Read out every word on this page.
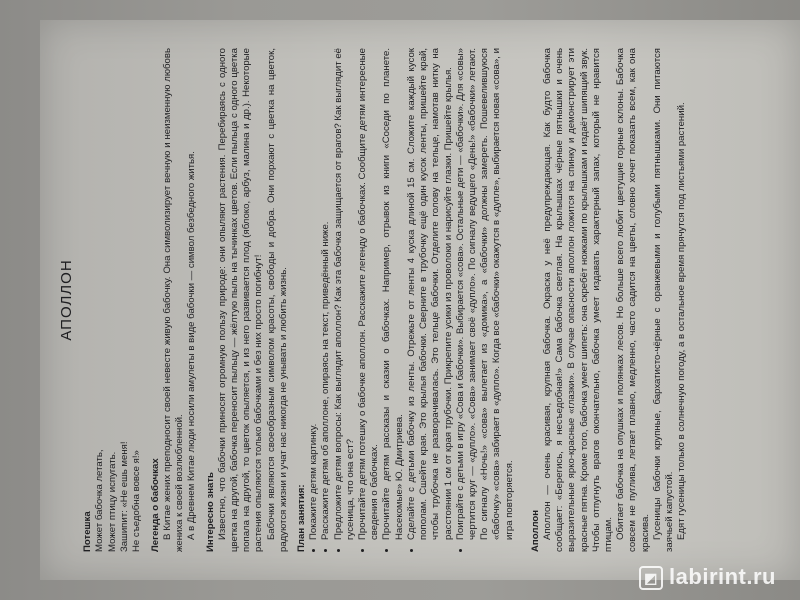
АПОЛЛОН
Потешка Может бабочка летать, Может птицу испугать. Зашипит: «Не ешь меня! Не съедобна вовсе я!» Легенда о бабочках В Китае жених преподносит своей невесте живую бабочку. Она символизирует вечную и неизменную любовь жениха к своей возлюбленной. А в Древнем Китае люди носили амулеты в виде бабочки — символ безбедного житья. Интересно знать Известно, что бабочки приносят огромную пользу природе: они опыляют растения. Перебираясь с одного цветка на другой, бабочка переносит пыльцу — жёлтую пыль на тычинках цветов. Если пыльца с одного цветка попала на другой, то цветок опыляется, и из него развивается плод (яблоко, арбуз, малина и др.). Некоторые растения опыляются только бабочками и без них просто погибнут! Бабочки являются своеобразным символом красоты, свободы и добра. Они порхают с цветка на цветок, радуются жизни и учат нас никогда не унывать и любить жизнь. План занятия: • Покажите детям картинку. • Расскажите детям об аполлоне, опираясь на текст, приведённый ниже. • Предложите детям вопросы: Как выглядит аполлон? Как эта бабочка защищается от врагов? Как выглядит её гусеница, что она ест? • Прочитайте детям потешку о бабочке аполлон. Расскажите легенду о бабочках. Сообщите детям интересные сведения о бабочках. • Прочитайте детям рассказы и сказки о бабочках. Например, отрывок из книги «Соседи по планете. Насекомые» Ю. Дмитриева. • Сделайте с детьми бабочку из ленты. Отрежьте от ленты 4 куска длиной 15 см. Сложите каждый кусок пополам. Сшейте края. Это крылья бабочки. Сверните в трубочку ещё один кусок ленты, пришейте край, чтобы трубочка не разворачивалась. Это тельце бабочки. Отделите голову на тельце, намотав нитку на расстоянии 1 см от края трубочки. Прикрепите усики из проволоки и нарисуйте глазки. Пришейте крылья. • Поиграйте с детьми в игру «Сова и бабочки». Выбирается «сова». Остальные дети — «бабочки». Для «совы» чертится круг — «дупло». «Сова» занимает своё «дупло». По сигналу ведущего «День!» «бабочки» летают. По сигналу «Ночь!» «сова» вылетает из «домика», а «бабочки» должны замереть. Пошевелившуюся «бабочку» «сова» забирает в «дупло». Когда все «бабочки» окажутся в «дупле», выбирается новая «сова», и игра повторяется. Аполлон Аполлон — очень красивая, крупная бабочка. Окраска у неё предупреждающая. Как будто бабочка сообщает: «Берегись, я несъедобная!» Сама бабочка светлая. На крылышках чёрные пятнышки и очень выразительные ярко-красные «глазки». В случае опасности аполлон ложится на спинку и демонстрирует эти красные пятна. Кроме того, бабочка умеет шипеть: она скребёт ножками по крылышкам и издаёт шипящий звук. Чтобы отпугнуть врагов окончательно, бабочка умеет издавать характерный запах, который не нравится птицам. Обитает бабочка на опушках и полянках лесов. Но больше всего любит цветущие горные склоны. Бабочка совсем не пуглива, летает плавно, медленно, часто садится на цветы, словно хочет показать всем, как она красива. Гусеницы бабочки крупные, бархатисто-чёрные с оранжевыми и голубыми пятнышками. Они питаются заячьей капустой. Едят гусеницы только в солнечную погоду, а в остальное время прячутся под листьями растений.

◩ labirint.ru
